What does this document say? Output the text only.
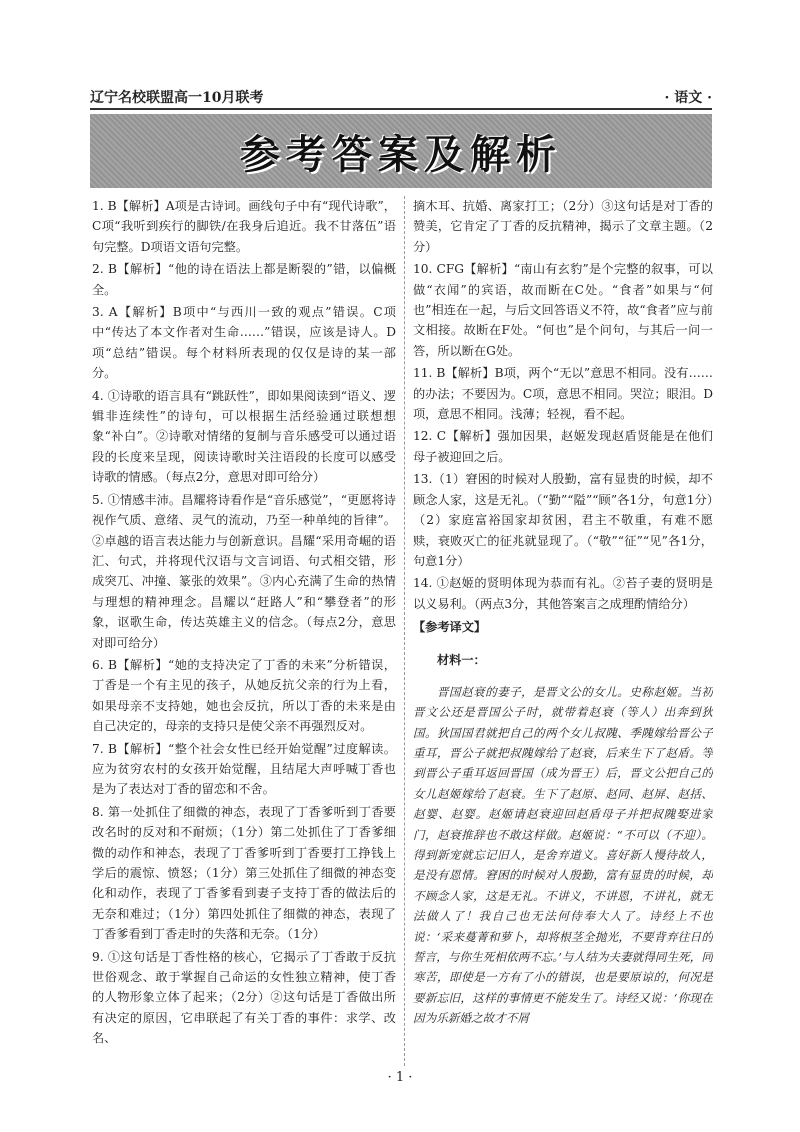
辽宁名校联盟高一10月联考	· 语文 ·
参考答案及解析

1. B【解析】A项是古诗词。画线句子中有“现代诗歌”，C项“我听到疾行的脚铁/在我身后追近。我不甘落伍”语句完整。D项语文语句完整。

2. B【解析】“他的诗在语法上都是断裂的”错，以偏概全。

3. A【解析】B项中“与西川一致的观点”错误。C项中“传达了本文作者对生命……”错误，应该是诗人。D项“总结”错误。每个材料所表现的仅仅是诗的某一部分。

4. ①诗歌的语言具有“跳跃性”，即如果阅读到“语义、逻辑非连续性”的诗句，可以根据生活经验通过联想想象“补白”。②诗歌对情绪的复制与音乐感受可以通过语段的长度来呈现，阅读诗歌时关注语段的长度可以感受诗歌的情感。（每点2分，意思对即可给分）

5. ①情感丰沛。昌耀将诗看作是“音乐感觉”，“更愿将诗视作气质、意绪、灵气的流动，乃至一种单纯的旨律”。②卓越的语言表达能力与创新意识。昌耀“采用奇崛的语汇、句式，并将现代汉语与文言词语、句式相交错，形成突兀、冲撞、篆张的效果”。③内心充满了生命的热情与理想的精神理念。昌耀以“赶路人”和“攀登者”的形象，讴歌生命，传达英雄主义的信念。（每点2分，意思对即可给分）

6. B【解析】“她的支持决定了丁香的未来”分析错误，丁香是一个有主见的孩子，从她反抗父亲的行为上看，如果母亲不支持她，她也会反抗，所以丁香的未来是由自己决定的，母亲的支持只是使父亲不再强烈反对。

7. B【解析】“整个社会女性已经开始觉醒”过度解读。应为贫穷农村的女孩开始觉醒，且结尾大声呼喊丁香也是为了表达对丁香的留恋和不舍。

8. 第一处抓住了细微的神态，表现了丁香爹听到丁香要改名时的反对和不耐烦；（1分）第二处抓住了丁香爹细微的动作和神态，表现了丁香爹听到丁香要打工挣钱上学后的震惊、愤怒；（1分）第三处抓住了细微的神态变化和动作，表现了丁香爹看到妻子支持丁香的做法后的无奈和难过；（1分）第四处抓住了细微的神态，表现了丁香爹看到丁香走时的失落和无奈。（1分）

9. ①这句话是丁香性格的核心，它揭示了丁香敢于反抗世俗观念、敢于掌握自己命运的女性独立精神，使丁香的人物形象立体了起来；（2分）②这句话是丁香做出所有决定的原因，它串联起了有关丁香的事件：求学、改名、

摘木耳、抗婚、离家打工；（2分）③这句话是对丁香的赞美，它肯定了丁香的反抗精神，揭示了文章主题。（2分）

10. CFG【解析】“南山有玄豹”是个完整的叙事，可以做“衣闻”的宾语，故而断在C处。“食者”如果与“何也”相连在一起，与后文回答语义不符，故“食者”应与前文相接。故断在F处。“何也”是个问句，与其后一问一答，所以断在G处。

11. B【解析】B项，两个“无以”意思不相同。没有……的办法；不要因为。C项，意思不相同。哭泣；眼泪。D项，意思不相同。浅薄；轻视，看不起。

12. C【解析】强加因果，赵姬发现赵盾贤能是在他们母子被迎回之后。

13.（1）窘困的时候对人殷勤，富有显贵的时候，却不顾念人家，这是无礼。（“勤”“隘”“顾”各1分，句意1分）（2）家庭富裕国家却贫困，君主不敬重，有难不愿赎，衰败灭亡的征兆就显现了。（“敬”“征”“见”各1分，句意1分）

14. ①赵姬的贤明体现为恭而有礼。②苔子妻的贤明是以义易利。（两点3分，其他答案言之成理酌情给分）

【参考译文】

材料一：

晋国赵衰的妻子，是晋文公的女儿。史称赵姬。当初晋文公还是晋国公子时，就带着赵衰（等人）出奔到狄国。狄国国君就把自己的两个女儿叔隗、季隗嫁给晋公子重耳，晋公子就把叔隗嫁给了赵衰，后来生下了赵盾。等到晋公子重耳返回晋国（成为晋王）后，晋文公把自己的女儿赵姬嫁给了赵衰。生下了赵原、赵同、赵屏、赵括、赵婴、赵婴。赵姬请赵衰迎回赵盾母子并把叔隗娶进家门，赵衰推辞也不敢这样做。赵姬说：“不可以（不迎）。得到新宠就忘记旧人，是舍弃道义。喜好新人慢待故人，是没有恩情。窘困的时候对人殷勤，富有显贵的时候，却不顾念人家，这是无礼。不讲义，不讲恩，不讲礼，就无法做人了！我自己也无法何侍奉大人了。诗经上不也说：‘采来蔓菁和萝卜，却将根茎全抛光，不要背弃往日的誓言，与你生死相依两不忘。’与人结为夫妻就得同生死，同寒苦，即使是一方有了小的错误，也是要原谅的，何况是要新忘旧，这样的事情更不能发生了。诗经又说：‘你现在因为乐新婚之故才不屑

· 1 ·
